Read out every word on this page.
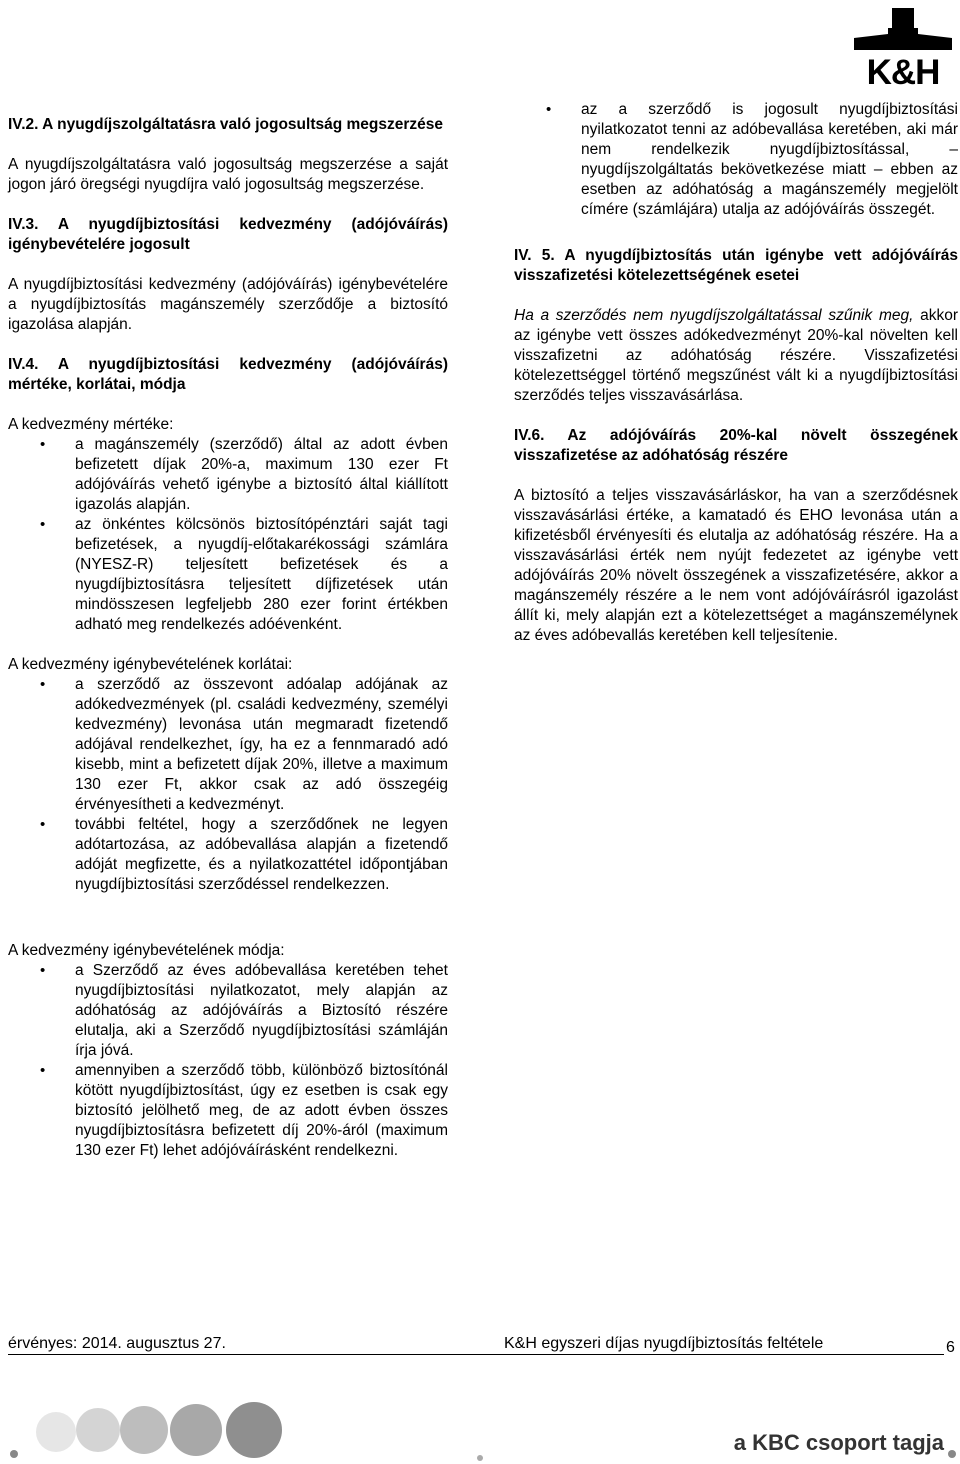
K&H

IV.2. A nyugdíjszolgáltatásra való jogosultság megszerzése

A nyugdíjszolgáltatásra való jogosultság megszerzése a saját jogon járó öregségi nyugdíjra való jogosultság megszerzése.

IV.3. A nyugdíjbiztosítási kedvezmény (adójóváírás) igénybevételére jogosult

A nyugdíjbiztosítási kedvezmény (adójóváírás) igénybevételére a nyugdíjbiztosítás magánszemély szerződője a biztosító igazolása alapján.

IV.4. A nyugdíjbiztosítási kedvezmény (adójóváírás) mértéke, korlátai, módja

A kedvezmény mértéke:

• a magánszemély (szerződő) által az adott évben befizetett díjak 20%-a, maximum 130 ezer Ft adójóváírás vehető igénybe a biztosító által kiállított igazolás alapján.
• az önkéntes kölcsönös biztosítópénztári saját tagi befizetések, a nyugdíj-előtakarékossági számlára (NYESZ-R) teljesített befizetések és a nyugdíjbiztosításra teljesített díjfizetések után mindösszesen legfeljebb 280 ezer forint értékben adható meg rendelkezés adóévenként.

A kedvezmény igénybevételének korlátai:

• a szerződő az összevont adóalap adójának az adókedvezmények (pl. családi kedvezmény, személyi kedvezmény) levonása után megmaradt fizetendő adójával rendelkezhet, így, ha ez a fennmaradó adó kisebb, mint a befizetett díjak 20%, illetve a maximum 130 ezer Ft, akkor csak az adó összegéig érvényesítheti a kedvezményt.
• további feltétel, hogy a szerződőnek ne legyen adótartozása, az adóbevallása alapján a fizetendő adóját megfizette, és a nyilatkozattétel időpontjában nyugdíjbiztosítási szerződéssel rendelkezzen.

A kedvezmény igénybevételének módja:

• a Szerződő az éves adóbevallása keretében tehet nyugdíjbiztosítási nyilatkozatot, mely alapján az adóhatóság az adójóváírás a Biztosító részére elutalja, aki a Szerződő nyugdíjbiztosítási számláján írja jóvá.
• amennyiben a szerződő több, különböző biztosítónál kötött nyugdíjbiztosítást, úgy ez esetben is csak egy biztosító jelölhető meg, de az adott évben összes nyugdíjbiztosításra befizetett díj 20%-áról (maximum 130 ezer Ft) lehet adójóváírásként rendelkezni.
• az a szerződő is jogosult nyugdíjbiztosítási nyilatkozatot tenni az adóbevallása keretében, aki már nem rendelkezik nyugdíjbiztosítással, – nyugdíjszolgáltatás bekövetkezése miatt – ebben az esetben az adóhatóság a magánszemély megjelölt címére (számlájára) utalja az adójóváírás összegét.

IV. 5. A nyugdíjbiztosítás után igénybe vett adójóváírás visszafizetési kötelezettségének esetei

Ha a szerződés nem nyugdíjszolgáltatással szűnik meg, akkor az igénybe vett összes adókedvezményt 20%-kal növelten kell visszafizetni az adóhatóság részére. Visszafizetési kötelezettséggel történő megszűnést vált ki a nyugdíjbiztosítási szerződés teljes visszavásárlása.

IV.6. Az adójóváírás 20%-kal növelt összegének visszafizetése az adóhatóság részére

A biztosító a teljes visszavásárláskor, ha van a szerződésnek visszavásárlási értéke, a kamatadó és EHO levonása után a kifizetésből érvényesíti és elutalja az adóhatóság részére. Ha a visszavásárlási érték nem nyújt fedezetet az igénybe vett adójóváírás 20% növelt összegének a visszafizetésére, akkor a magánszemély részére a le nem vont adójóváírásról igazolást állít ki, mely alapján ezt a kötelezettséget a magánszemélynek az éves adóbevallás keretében kell teljesítenie.

érvényes: 2014. augusztus 27.	K&H egyszeri díjas nyugdíjbiztosítás feltétele	6
a KBC csoport tagja
